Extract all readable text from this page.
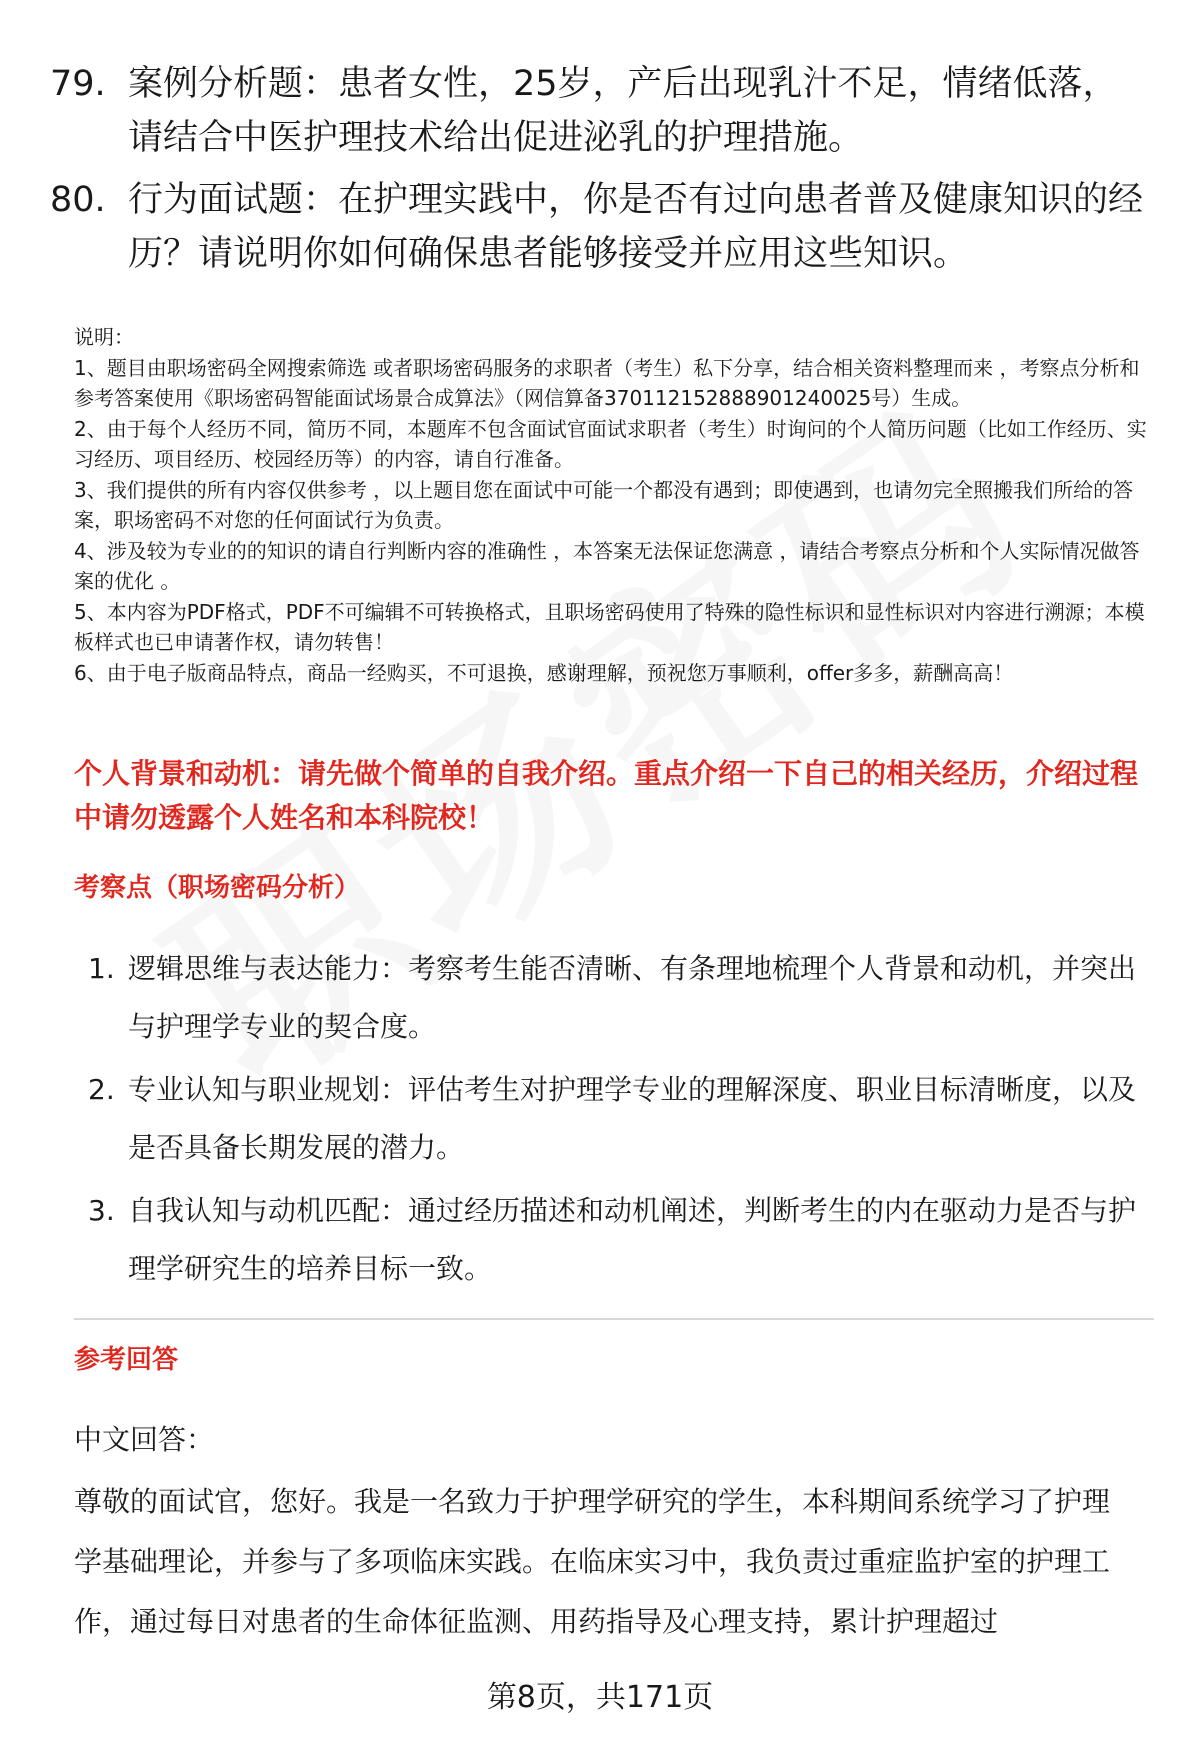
79. 案例分析题：患者女性，25岁，产后出现乳汁不足，情绪低落，请结合中医护理技术给出促进泌乳的护理措施。
80. 行为面试题：在护理实践中，你是否有过向患者普及健康知识的经历？请说明你如何确保患者能够接受并应用这些知识。

说明：

1、题目由职场密码全网搜索筛选 或者职场密码服务的求职者（考生）私下分享，结合相关资料整理而来 ，考察点分析和参考答案使用《职场密码智能面试场景合成算法》（网信算备370112152888901240025号）生成。

2、由于每个人经历不同，简历不同，本题库不包含面试官面试求职者（考生）时询问的个人简历问题（比如工作经历、实习经历、项目经历、校园经历等）的内容，请自行准备。

3、我们提供的所有内容仅供参考 ，以上题目您在面试中可能一个都没有遇到；即使遇到，也请勿完全照搬我们所给的答案，职场密码不对您的任何面试行为负责。

4、涉及较为专业的的知识的请自行判断内容的准确性 ，本答案无法保证您满意 ，请结合考察点分析和个人实际情况做答案的优化 。

5、本内容为PDF格式，PDF不可编辑不可转换格式，且职场密码使用了特殊的隐性标识和显性标识对内容进行溯源；本模板样式也已申请著作权，请勿转售！

6、由于电子版商品特点，商品一经购买，不可退换，感谢理解，预祝您万事顺利，offer多多，薪酬高高！

个人背景和动机：请先做个简单的自我介绍。重点介绍一下自己的相关经历，介绍过程中请勿透露个人姓名和本科院校！
考察点（职场密码分析）
1. 逻辑思维与表达能力：考察考生能否清晰、有条理地梳理个人背景和动机，并突出与护理学专业的契合度。
2. 专业认知与职业规划：评估考生对护理学专业的理解深度、职业目标清晰度，以及是否具备长期发展的潜力。
3. 自我认知与动机匹配：通过经历描述和动机阐述，判断考生的内在驱动力是否与护理学研究生的培养目标一致。
参考回答
中文回答：
尊敬的面试官，您好。我是一名致力于护理学研究的学生，本科期间系统学习了护理学基础理论，并参与了多项临床实践。在临床实习中，我负责过重症监护室的护理工作，通过每日对患者的生命体征监测、用药指导及心理支持，累计护理超过
第8页，共171页
